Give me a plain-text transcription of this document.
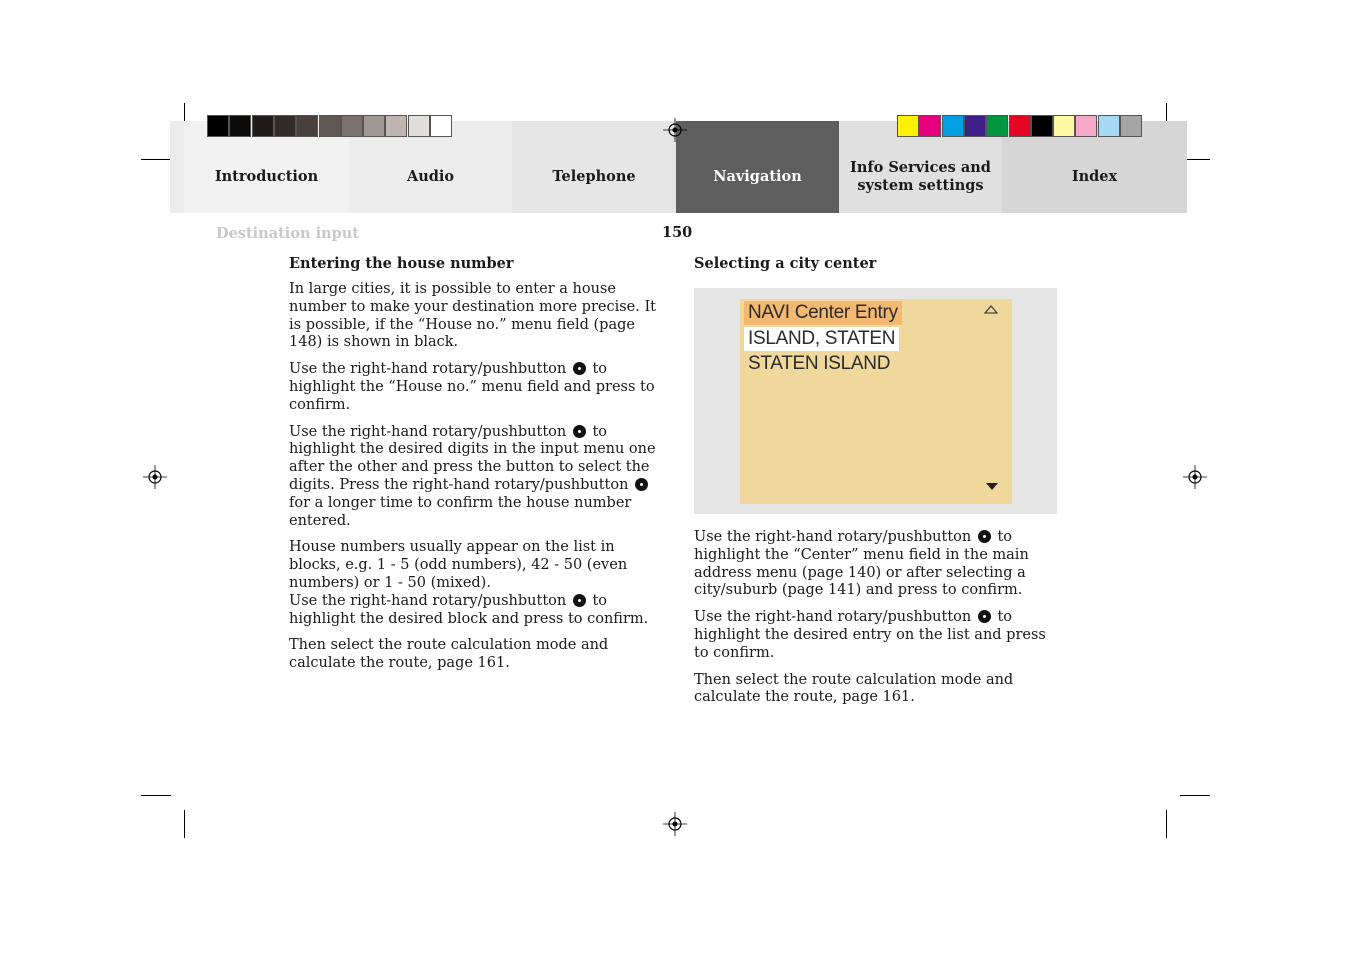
Introduction	Audio	Telephone	Navigation
Info Services and
system settings
Index
Destination input	150
Entering the house number

In large cities, it is possible to enter a house number to make your destination more precise. It is possible, if the “House no.” menu field (page 148) is shown in black.

Use the right-hand rotary/pushbutton to highlight the “House no.” menu field and press to confirm.

Use the right-hand rotary/pushbutton to highlight the desired digits in the input menu one after the other and press the button to select the digits. Press the right-hand rotary/pushbutton  for a longer time to confirm the house number entered.

House numbers usually appear on the list in blocks, e.g. 1 - 5 (odd numbers), 42 - 50 (even numbers) or 1 - 50 (mixed).
Use the right-hand rotary/pushbutton to highlight the desired block and press to confirm.

Then select the route calculation mode and calculate the route, page 161.

Selecting a city center
NAVI Center Entry
ISLAND, STATEN
STATEN ISLAND

Use the right-hand rotary/pushbutton to highlight the “Center” menu field in the main address menu (page 140) or after selecting a city/suburb (page 141) and press to confirm.

Use the right-hand rotary/pushbutton to highlight the desired entry on the list and press to confirm.

Then select the route calculation mode and calculate the route, page 161.
